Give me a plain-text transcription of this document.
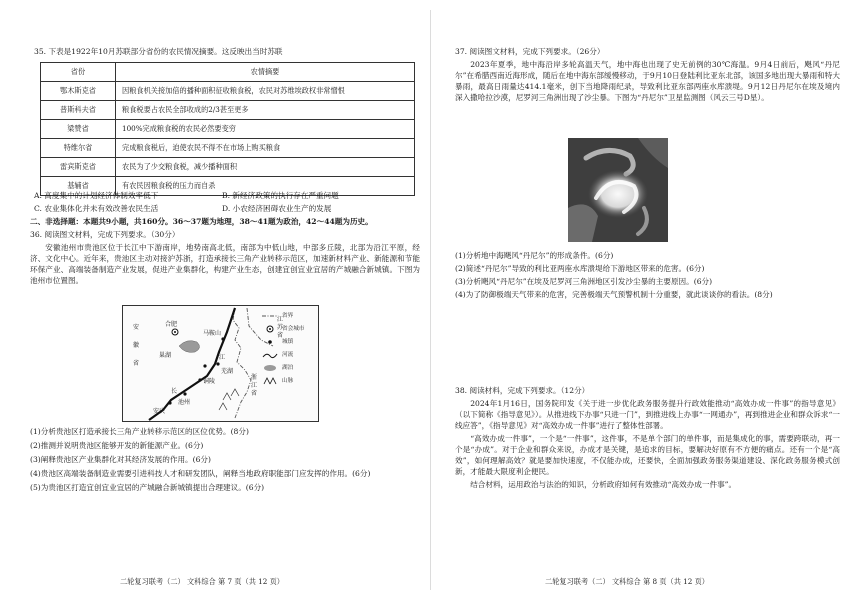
35. 下表是1922年10月苏联部分省份的农民情况摘要。这反映出当时苏联
省份	农情摘要
鄂木斯克省	因粮食机关接加倍的播种面积征收粮食税，农民对苏维埃政权非常憎恨
普斯科夫省	粮食税要占农民全部收成的2/3甚至更多
梁赞省	100%完成粮食税的农民必然要变穷
特维尔省	完成粮食税后，迫使农民不得不在市场上购买粮食
雷宾斯克省	农民为了少交粮食税，减少播种面积
基辅省	有农民因粮食税的压力而自杀
A. 高度集中的计划经济体制效率低下	B. 新经济政策的执行存在严重问题
C. 农业集体化并未有效改善农民生活	D. 小农经济困碍农业生产的发展
二、非选择题：本题共9小题，共160分。36～37题为地理，38～41题为政治，42～44题为历史。
36. 阅读图文材料，完成下列要求。（30分）

安徽池州市贵池区位于长江中下游南岸，地势南高北低，南部为中低山地，中部多丘陵，北部为沿江平原，经济、文化中心。近年来，贵池区主动对接沪苏浙，打造承接长三角产业转移示范区，加速新材料产业、新能源和节能环保产业、高端装备制造产业发展，促进产业集群化，构建产业生态，创建宜创宜业宜居的产城融合新城镇。下图为池州市位置图。

安
徽
省
江
苏
省
浙
江
省
合肥
巢湖
马鞍山
芜湖
铜陵
安庆
池州
长
江
省界
省会城市
城镇
河流
湖泊
山脉

(1)分析贵池区打造承接长三角产业转移示范区的区位优势。(8分)

(2)推测并说明贵池区能够开发的新能源产业。(6分)

(3)阐释贵池区产业集群化对其经济发展的作用。(6分)

(4)贵池区高端装备制造业需要引进科技人才和研发团队，阐释当地政府职能部门应发挥的作用。(6分)

(5)为贵池区打造宜创宜业宜居的产城融合新城镇提出合理建议。(6分)

二轮复习联考（二） 文科综合 第 7 页（共 12 页）
37. 阅读图文材料，完成下列要求。（26分）

2023年夏季，地中海沿岸多轮高温天气，地中海也出现了史无前例的30℃海温。9月4日前后，飓风“丹尼尔”在希腊西南近海形成，随后在地中海东部缓慢移动，于9月10日登陆利比亚东北部，该国多地出现大暴雨和特大暴雨，最高日雨量达414.1毫米，创下当地降雨纪录，导致利比亚东部两座水库溃堤。9月12日丹尼尔在埃及境内深入撒哈拉沙漠，尼罗河三角洲出现了沙尘暴。下图为“丹尼尔”卫星监测图（风云三号D星）。

(1)分析地中海飓风“丹尼尔”的形成条件。(6分)

(2)简述“丹尼尔”导致的利比亚两座水库溃堤给下游地区带来的危害。(6分)

(3)分析飓风“丹尼尔”在埃及尼罗河三角洲地区引发沙尘暴的主要原因。(6分)

(4)为了防御极端天气带来的危害，完善极端天气预警机制十分重要，就此谈谈你的看法。(8分)

38. 阅读材料，完成下列要求。（12分）

2024年1月16日，国务院印发《关于进一步优化政务服务提升行政效能推动“高效办成一件事”的指导意见》（以下简称《指导意见》）。从推进线下办事“只进一门”，到推进线上办事“一网通办”，再到推进企业和群众诉求“一线应答”，《指导意见》对“高效办成一件事”进行了整体性部署。

“高效办成一件事”，一个是“一件事”，这件事，不是单个部门的单件事，而是集成化的事，需要跨联动，再一个是“办成”。对于企业和群众来说，办成才是关键，是追求的目标，要解决好原有不方便的痛点。还有一个是“高效”，如何理解高效？就是要加快速度，不仅能办成，还要快，全面加强政务服务渠道建设、深化政务服务模式创新，才能最大限度利企便民。

结合材料，运用政治与法治的知识，分析政府如何有效推动“高效办成一件事”。

二轮复习联考（二） 文科综合 第 8 页（共 12 页）
